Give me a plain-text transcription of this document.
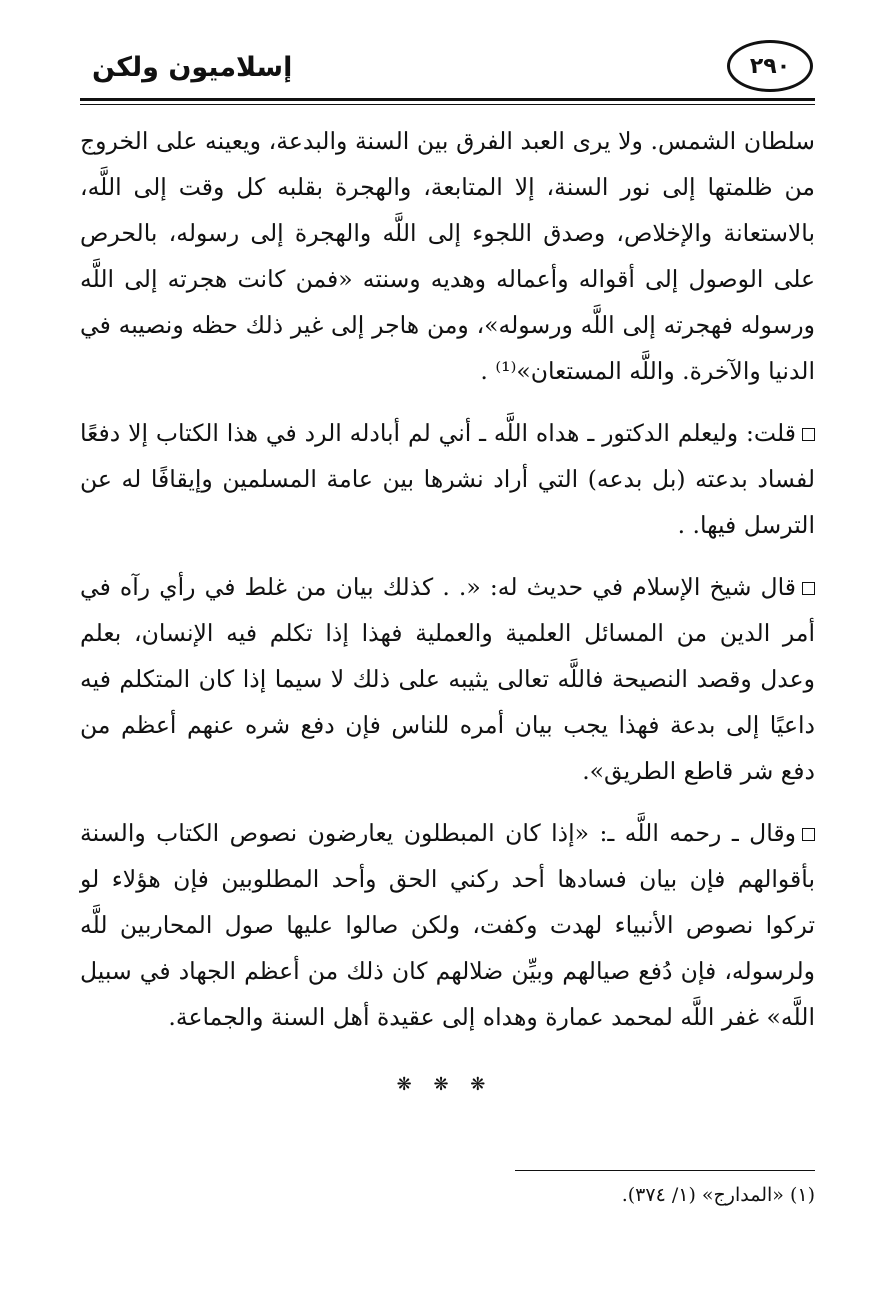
إسلاميون ولكن	٢٩٠

سلطان الشمس. ولا يرى العبد الفرق بين السنة والبدعة، ويعينه على الخروج من ظلمتها إلى نور السنة، إلا المتابعة، والهجرة بقلبه كل وقت إلى اللَّه، بالاستعانة والإخلاص، وصدق اللجوء إلى اللَّه والهجرة إلى رسوله، بالحرص على الوصول إلى أقواله وأعماله وهديه وسنته «فمن كانت هجرته إلى اللَّه ورسوله فهجرته إلى اللَّه ورسوله»، ومن هاجر إلى غير ذلك حظه ونصيبه في الدنيا والآخرة. واللَّه المستعان»⁽¹⁾ .

قلت: وليعلم الدكتور ـ هداه اللَّه ـ أني لم أبادله الرد في هذا الكتاب إلا دفعًا لفساد بدعته (بل بدعه) التي أراد نشرها بين عامة المسلمين وإيقافًا له عن الترسل فيها. .

قال شيخ الإسلام في حديث له: «. . كذلك بيان من غلط في رأي رآه في أمر الدين من المسائل العلمية والعملية فهذا إذا تكلم فيه الإنسان، بعلم وعدل وقصد النصيحة فاللَّه تعالى يثيبه على ذلك لا سيما إذا كان المتكلم فيه داعيًا إلى بدعة فهذا يجب بيان أمره للناس فإن دفع شره عنهم أعظم من دفع شر قاطع الطريق».

وقال ـ رحمه اللَّه ـ: «إذا كان المبطلون يعارضون نصوص الكتاب والسنة بأقوالهم فإن بيان فسادها أحد ركني الحق وأحد المطلوبين فإن هؤلاء لو تركوا نصوص الأنبياء لهدت وكفت، ولكن صالوا عليها صول المحاربين للَّه ولرسوله، فإن دُفع صيالهم وبيِّن ضلالهم كان ذلك من أعظم الجهاد في سبيل اللَّه» غفر اللَّه لمحمد عمارة وهداه إلى عقيدة أهل السنة والجماعة.

❋ ❋ ❋
(١) «المدارج» (١/ ٣٧٤).
